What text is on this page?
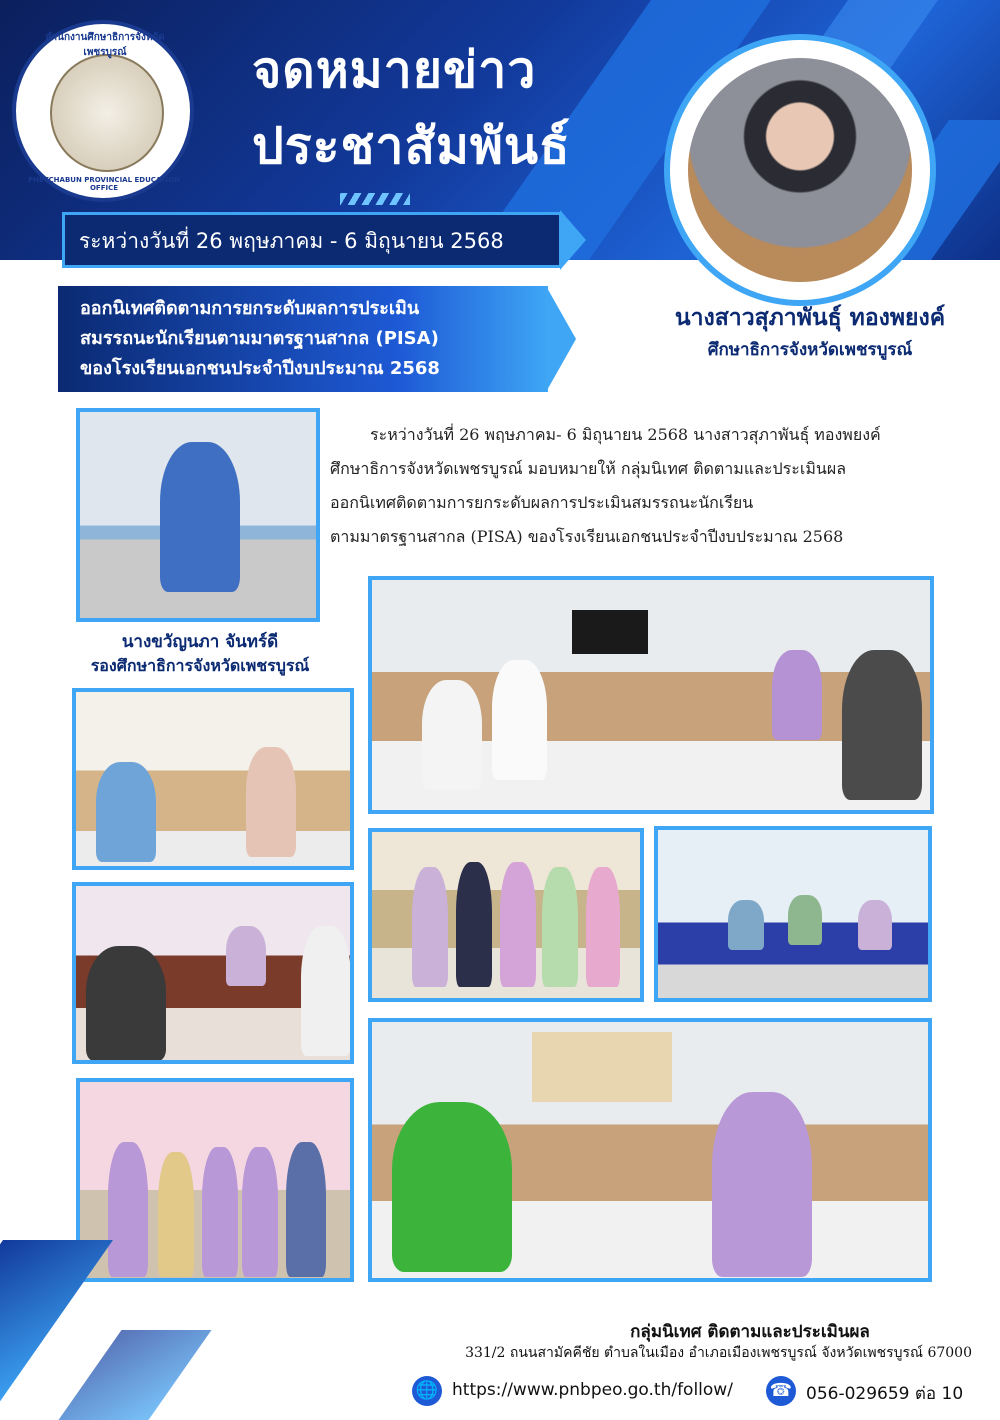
สำนักงานศึกษาธิการจังหวัดเพชรบูรณ์
PHETCHABUN PROVINCIAL EDUCATION OFFICE
จดหมายข่าว
ประชาสัมพันธ์
ระหว่างวันที่ 26 พฤษภาคม - 6 มิถุนายน 2568
นางสาวสุภาพันธุ์ ทองพยงค์
ศึกษาธิการจังหวัดเพชรบูรณ์
ออกนิเทศติดตามการยกระดับผลการประเมิน
สมรรถนะนักเรียนตามมาตรฐานสากล (PISA)
ของโรงเรียนเอกชนประจำปีงบประมาณ 2568
นางขวัญนภา จันทร์ดี
รองศึกษาธิการจังหวัดเพชรบูรณ์
ระหว่างวันที่ 26 พฤษภาคม- 6 มิถุนายน 2568 นางสาวสุภาพันธุ์ ทองพยงค์
ศึกษาธิการจังหวัดเพชรบูรณ์ มอบหมายให้ กลุ่มนิเทศ ติดตามและประเมินผล
ออกนิเทศติดตามการยกระดับผลการประเมินสมรรถนะนักเรียน
ตามมาตรฐานสากล (PISA) ของโรงเรียนเอกชนประจำปีงบประมาณ 2568
กลุ่มนิเทศ ติดตามและประเมินผล
331/2 ถนนสามัคคีชัย ตำบลในเมือง อำเภอเมืองเพชรบูรณ์ จังหวัดเพชรบูรณ์ 67000
🌐 https://www.pnbpeo.go.th/follow/ ☎ 056-029659 ต่อ 10
